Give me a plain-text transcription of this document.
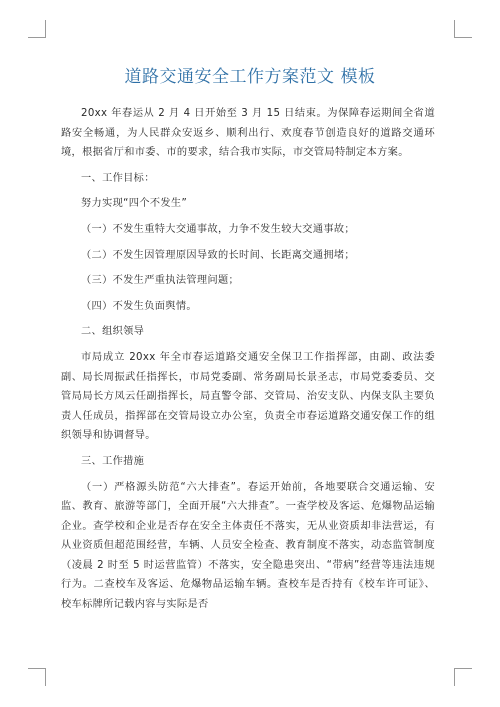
道路交通安全工作方案范文 模板

20xx 年春运从 2 月 4 日开始至 3 月 15 日结束。为保障春运期间全省道路安全畅通，为人民群众安返乡、顺利出行、欢度春节创造良好的道路交通环境，根据省厅和市委、市的要求，结合我市实际，市交管局特制定本方案。

一、工作目标：

努力实现“四个不发生”

（一）不发生重特大交通事故，力争不发生较大交通事故；

（二）不发生因管理原因导致的长时间、长距离交通拥堵；

（三）不发生严重执法管理问题；

（四）不发生负面舆情。

二、组织领导

市局成立 20xx 年全市春运道路交通安全保卫工作指挥部，由副、政法委副、局长周振武任指挥长，市局党委副、常务副局长景圣志，市局党委委员、交管局局长方凤云任副指挥长，局直警令部、交管局、治安支队、内保支队主要负责人任成员，指挥部在交管局设立办公室，负责全市春运道路交通安保工作的组织领导和协调督导。

三、工作措施

（一）严格源头防范“六大排查”。春运开始前，各地要联合交通运输、安监、教育、旅游等部门，全面开展“六大排查”。一查学校及客运、危爆物品运输企业。查学校和企业是否存在安全主体责任不落实，无从业资质却非法营运，有从业资质但超范围经营，车辆、人员安全检查、教育制度不落实，动态监管制度（凌晨 2 时至 5 时运营监管）不落实，安全隐患突出、“带病”经营等违法违规行为。二查校车及客运、危爆物品运输车辆。查校车是否持有《校车许可证》、校车标牌所记载内容与实际是否
